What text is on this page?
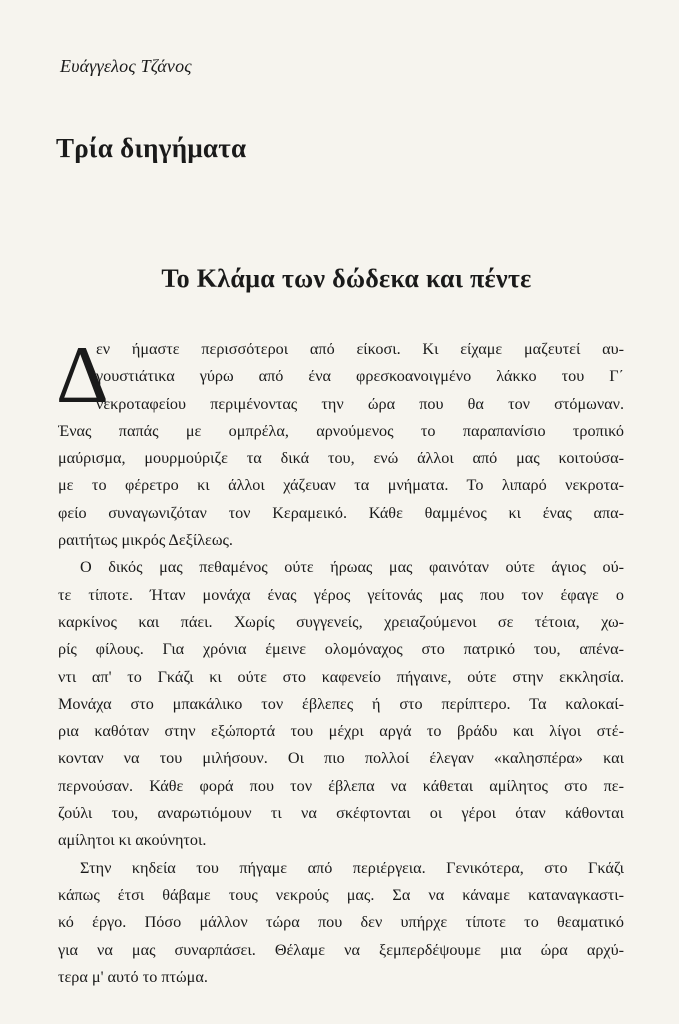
Ευάγγελος Τζάνος
Τρία διηγήματα
Το Κλάμα των δώδεκα και πέντε
Δ
εν ήμαστε περισσότεροι από είκοσι. Κι είχαμε μαζευτεί αυ-
γουστιάτικα γύρω από ένα φρεσκοανοιγμένο λάκκο του Γ΄
νεκροταφείου περιμένοντας την ώρα που θα τον στόμωναν.
Ένας παπάς με ομπρέλα, αρνούμενος το παραπανίσιο τροπικό
μαύρισμα, μουρμούριζε τα δικά του, ενώ άλλοι από μας κοιτούσα-
με το φέρετρο κι άλλοι χάζευαν τα μνήματα. Το λιπαρό νεκροτα-
φείο συναγωνιζόταν τον Κεραμεικό. Κάθε θαμμένος κι ένας απα-
ραιτήτως μικρός Δεξίλεως.
Ο δικός μας πεθαμένος ούτε ήρωας μας φαινόταν ούτε άγιος ού-
τε τίποτε. Ήταν μονάχα ένας γέρος γείτονάς μας που τον έφαγε ο
καρκίνος και πάει. Χωρίς συγγενείς, χρειαζούμενοι σε τέτοια, χω-
ρίς φίλους. Για χρόνια έμεινε ολομόναχος στο πατρικό του, απένα-
ντι απ' το Γκάζι κι ούτε στο καφενείο πήγαινε, ούτε στην εκκλησία.
Μονάχα στο μπακάλικο τον έβλεπες ή στο περίπτερο. Τα καλοκαί-
ρια καθόταν στην εξώπορτά του μέχρι αργά το βράδυ και λίγοι στέ-
κονταν να του μιλήσουν. Οι πιο πολλοί έλεγαν «καλησπέρα» και
περνούσαν. Κάθε φορά που τον έβλεπα να κάθεται αμίλητος στο πε-
ζούλι του, αναρωτιόμουν τι να σκέφτονται οι γέροι όταν κάθονται
αμίλητοι κι ακούνητοι.
Στην κηδεία του πήγαμε από περιέργεια. Γενικότερα, στο Γκάζι
κάπως έτσι θάβαμε τους νεκρούς μας. Σα να κάναμε καταναγκαστι-
κό έργο. Πόσο μάλλον τώρα που δεν υπήρχε τίποτε το θεαματικό
για να μας συναρπάσει. Θέλαμε να ξεμπερδέψουμε μια ώρα αρχύ-
τερα μ' αυτό το πτώμα.
